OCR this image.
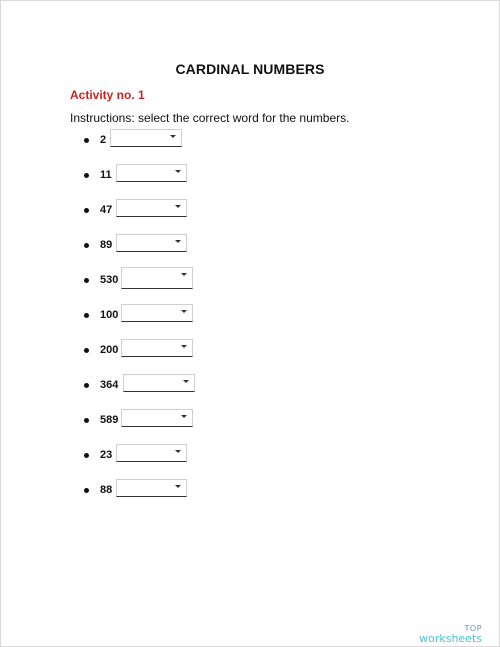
CARDINAL NUMBERS
Activity no. 1
Instructions: select the correct word for the numbers.
2
11
47
89
530
100
200
364
589
23
88
TOP
worksheets
